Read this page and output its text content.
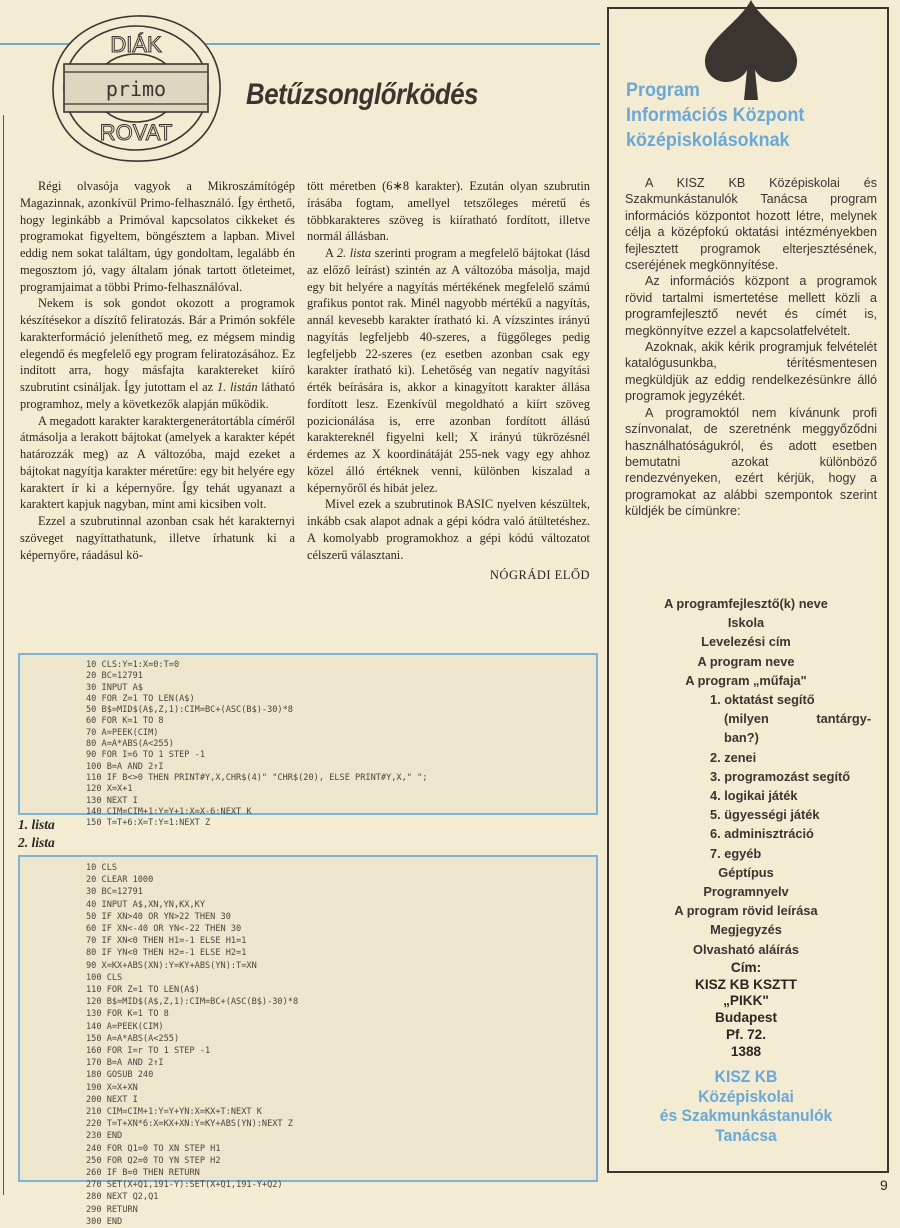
DIÁK
primo
ROVAT
Betűzsonglőrködés

Régi olvasója vagyok a Mikroszámítógép Magazinnak, azonkívül Primo-felhasználó. Így érthető, hogy leginkább a Primóval kapcsolatos cikkeket és programokat figyeltem, böngésztem a lapban. Mivel eddig nem sokat találtam, úgy gondoltam, legalább én megosztom jó, vagy általam jónak tartott ötleteimet, programjaimat a többi Primo-felhasználóval.

Nekem is sok gondot okozott a programok készítésekor a díszítő feliratozás. Bár a Primón sokféle karakterformáció jeleníthető meg, ez mégsem mindig elegendő és megfelelő egy program feliratozásához. Ez indított arra, hogy másfajta karaktereket kiíró szubrutint csináljak. Így jutottam el az 1. listán látható programhoz, mely a következők alapján működik.

A megadott karakter karaktergenerátortábla címéről átmásolja a lerakott bájtokat (amelyek a karakter képét határozzák meg) az A változóba, majd ezeket a bájtokat nagyítja karakter méretűre: egy bit helyére egy karaktert ír ki a képernyőre. Így tehát ugyanazt a karaktert kapjuk nagyban, mint ami kicsiben volt.

Ezzel a szubrutinnal azonban csak hét karakternyi szöveget nagyíttathatunk, illetve írhatunk ki a képernyőre, ráadásul kö-

tött méretben (6∗8 karakter). Ezután olyan szubrutin írásába fogtam, amellyel tetszőleges méretű és többkarakteres szöveg is kiíratható fordított, illetve normál állásban.

A 2. lista szerinti program a megfelelő bájtokat (lásd az előző leírást) szintén az A változóba másolja, majd egy bit helyére a nagyítás mértékének megfelelő számú grafikus pontot rak. Minél nagyobb mértékű a nagyítás, annál kevesebb karakter íratható ki. A vízszintes irányú nagyítás legfeljebb 40-szeres, a függőleges pedig legfeljebb 22-szeres (ez esetben azonban csak egy karakter íratható ki). Lehetőség van negatív nagyítási érték beírására is, akkor a kinagyított karakter állása fordított lesz. Ezenkívül megoldható a kiírt szöveg pozicionálása is, erre azonban fordított állású karaktereknél figyelni kell; X irányú tükrözésnél érdemes az X koordinátáját 255-nek vagy egy ahhoz közel álló értéknek venni, különben kiszalad a képernyőről és hibát jelez.

Mivel ezek a szubrutinok BASIC nyelven készültek, inkább csak alapot adnak a gépi kódra való átültetéshez. A komolyabb programokhoz a gépi kódú változatot célszerű választani.

NÓGRÁDI ELŐD
10 CLS:Y=1:X=0:T=0
20 BC=12791
30 INPUT A$
40 FOR Z=1 TO LEN(A$)
50 B$=MID$(A$,Z,1):CIM=BC+(ASC(B$)-30)*8
60 FOR K=1 TO 8
70 A=PEEK(CIM)
80 A=A*ABS(A<255)
90 FOR I=6 TO 1 STEP -1
100 B=A AND 2↑I
110 IF B<>0 THEN PRINT#Y,X,CHR$(4)" "CHR$(20), ELSE PRINT#Y,X," ";
120 X=X+1
130 NEXT I
140 CIM=CIM+1:Y=Y+1:X=X-6:NEXT K
150 T=T+6:X=T:Y=1:NEXT Z
1. lista
2. lista
10 CLS
20 CLEAR 1000
30 BC=12791
40 INPUT A$,XN,YN,KX,KY
50 IF XN>40 OR YN>22 THEN 30
60 IF XN<-40 OR YN<-22 THEN 30
70 IF XN<0 THEN H1=-1 ELSE H1=1
80 IF YN<0 THEN H2=-1 ELSE H2=1
90 X=KX+ABS(XN):Y=KY+ABS(YN):T=XN
100 CLS
110 FOR Z=1 TO LEN(A$)
120 B$=MID$(A$,Z,1):CIM=BC+(ASC(B$)-30)*8
130 FOR K=1 TO 8
140 A=PEEK(CIM)
150 A=A*ABS(A<255)
160 FOR I=r TO 1 STEP -1
170 B=A AND 2↑I
180 GOSUB 240
190 X=X+XN
200 NEXT I
210 CIM=CIM+1:Y=Y+YN:X=KX+T:NEXT K
220 T=T+XN*6:X=KX+XN:Y=KY+ABS(YN):NEXT Z
230 END
240 FOR Q1=0 TO XN STEP H1
250 FOR Q2=0 TO YN STEP H2
260 IF B=0 THEN RETURN
270 SET(X+Q1,191-Y):SET(X+Q1,191-Y+Q2)
280 NEXT Q2,Q1
290 RETURN
300 END
Program
Információs Központ
középiskolásoknak

A KISZ KB Középiskolai és Szakmunkástanulók Tanácsa program információs központot hozott létre, melynek célja a középfokú oktatási intézményekben fejlesztett programok elterjesztésének, cseréjének megkönnyítése.

Az információs központ a programok rövid tartalmi ismertetése mellett közli a programfejlesztő nevét és címét is, megkönnyítve ezzel a kapcsolatfelvételt.

Azoknak, akik kérik programjuk felvételét katalógusunkba, térítésmentesen megküldjük az eddig rendelkezésünkre álló programok jegyzékét.

A programoktól nem kívánunk profi színvonalat, de szeretnénk meggyőződni használhatóságukról, és adott esetben bemutatni azokat különböző rendezvényeken, ezért kérjük, hogy a programokat az alábbi szempontok szerint küldjék be címünkre:

A programfejlesztő(k) neve
Iskola
Levelezési cím
A program neve
A program „műfaja"
1. oktatást segítő
(milyen tantárgy-
ban?)
2. zenei
3. programozást segítő
4. logikai játék
5. ügyességi játék
6. adminisztráció
7. egyéb
Géptípus
Programnyelv
A program rövid leírása
Megjegyzés
Olvasható aláírás
Cím:
KISZ KB KSZTT
„PIKK"
Budapest
Pf. 72.
1388
KISZ KB
Középiskolai
és Szakmunkástanulók
Tanácsa
9
